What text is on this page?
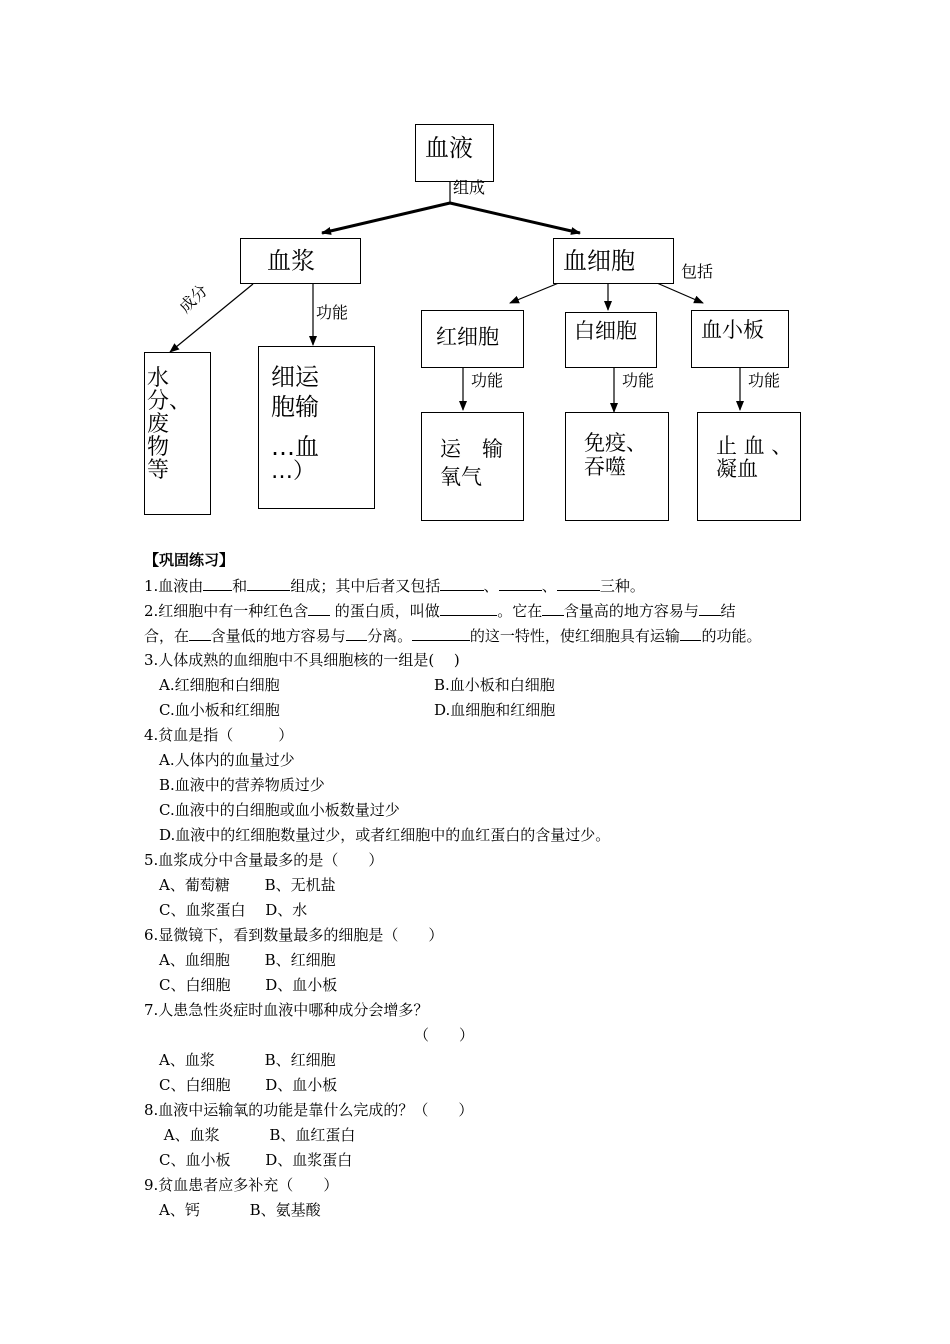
血液
组成
血浆
成分	功能
水分、废物等
细运
胞输
…血
…）
血细胞	包括
红细胞	白细胞	血小板
功能	功能	功能
运　输
氧气
免疫、
吞噬
止 血 、
凝血
【巩固练习】
1.血液由 和	组成；其中后者又包括	、	、	三种。
2.红细胞中有一种红色含 的蛋白质，叫做	。它在 含量高的地方容易与 结
合，在 含量低的地方容易与 分离。	的这一特性，使红细胞具有运输 的功能。
3.人体成熟的血细胞中不具细胞核的一组是(　 )
　A.红细胞和白细胞	B.血小板和白细胞
　C.血小板和红细胞	D.血细胞和红细胞
4.贫血是指（　　　）
　A.人体内的血量过少
　B.血液中的营养物质过少
　C.血液中的白细胞或血小板数量过少
　D.血液中的红细胞数量过少，或者红细胞中的血红蛋白的含量过少。
5.血浆成分中含量最多的是（　　）
　A、葡萄糖　　 B、无机盐
　C、血浆蛋白　 D、水
6.显微镜下，看到数量最多的细胞是（　　）
　A、血细胞　　 B、红细胞
　C、白细胞　　 D、血小板
7.人患急性炎症时血液中哪种成分会增多？
（　　）
　A、血浆　　　 B、红细胞
　C、白细胞　　 D、血小板
8.血液中运输氧的功能是靠什么完成的？（　　）
　 A、血浆　　　 B、血红蛋白
　C、血小板　　 D、血浆蛋白
9.贫血患者应多补充（　　）
　A、钙　　　 B、氨基酸
